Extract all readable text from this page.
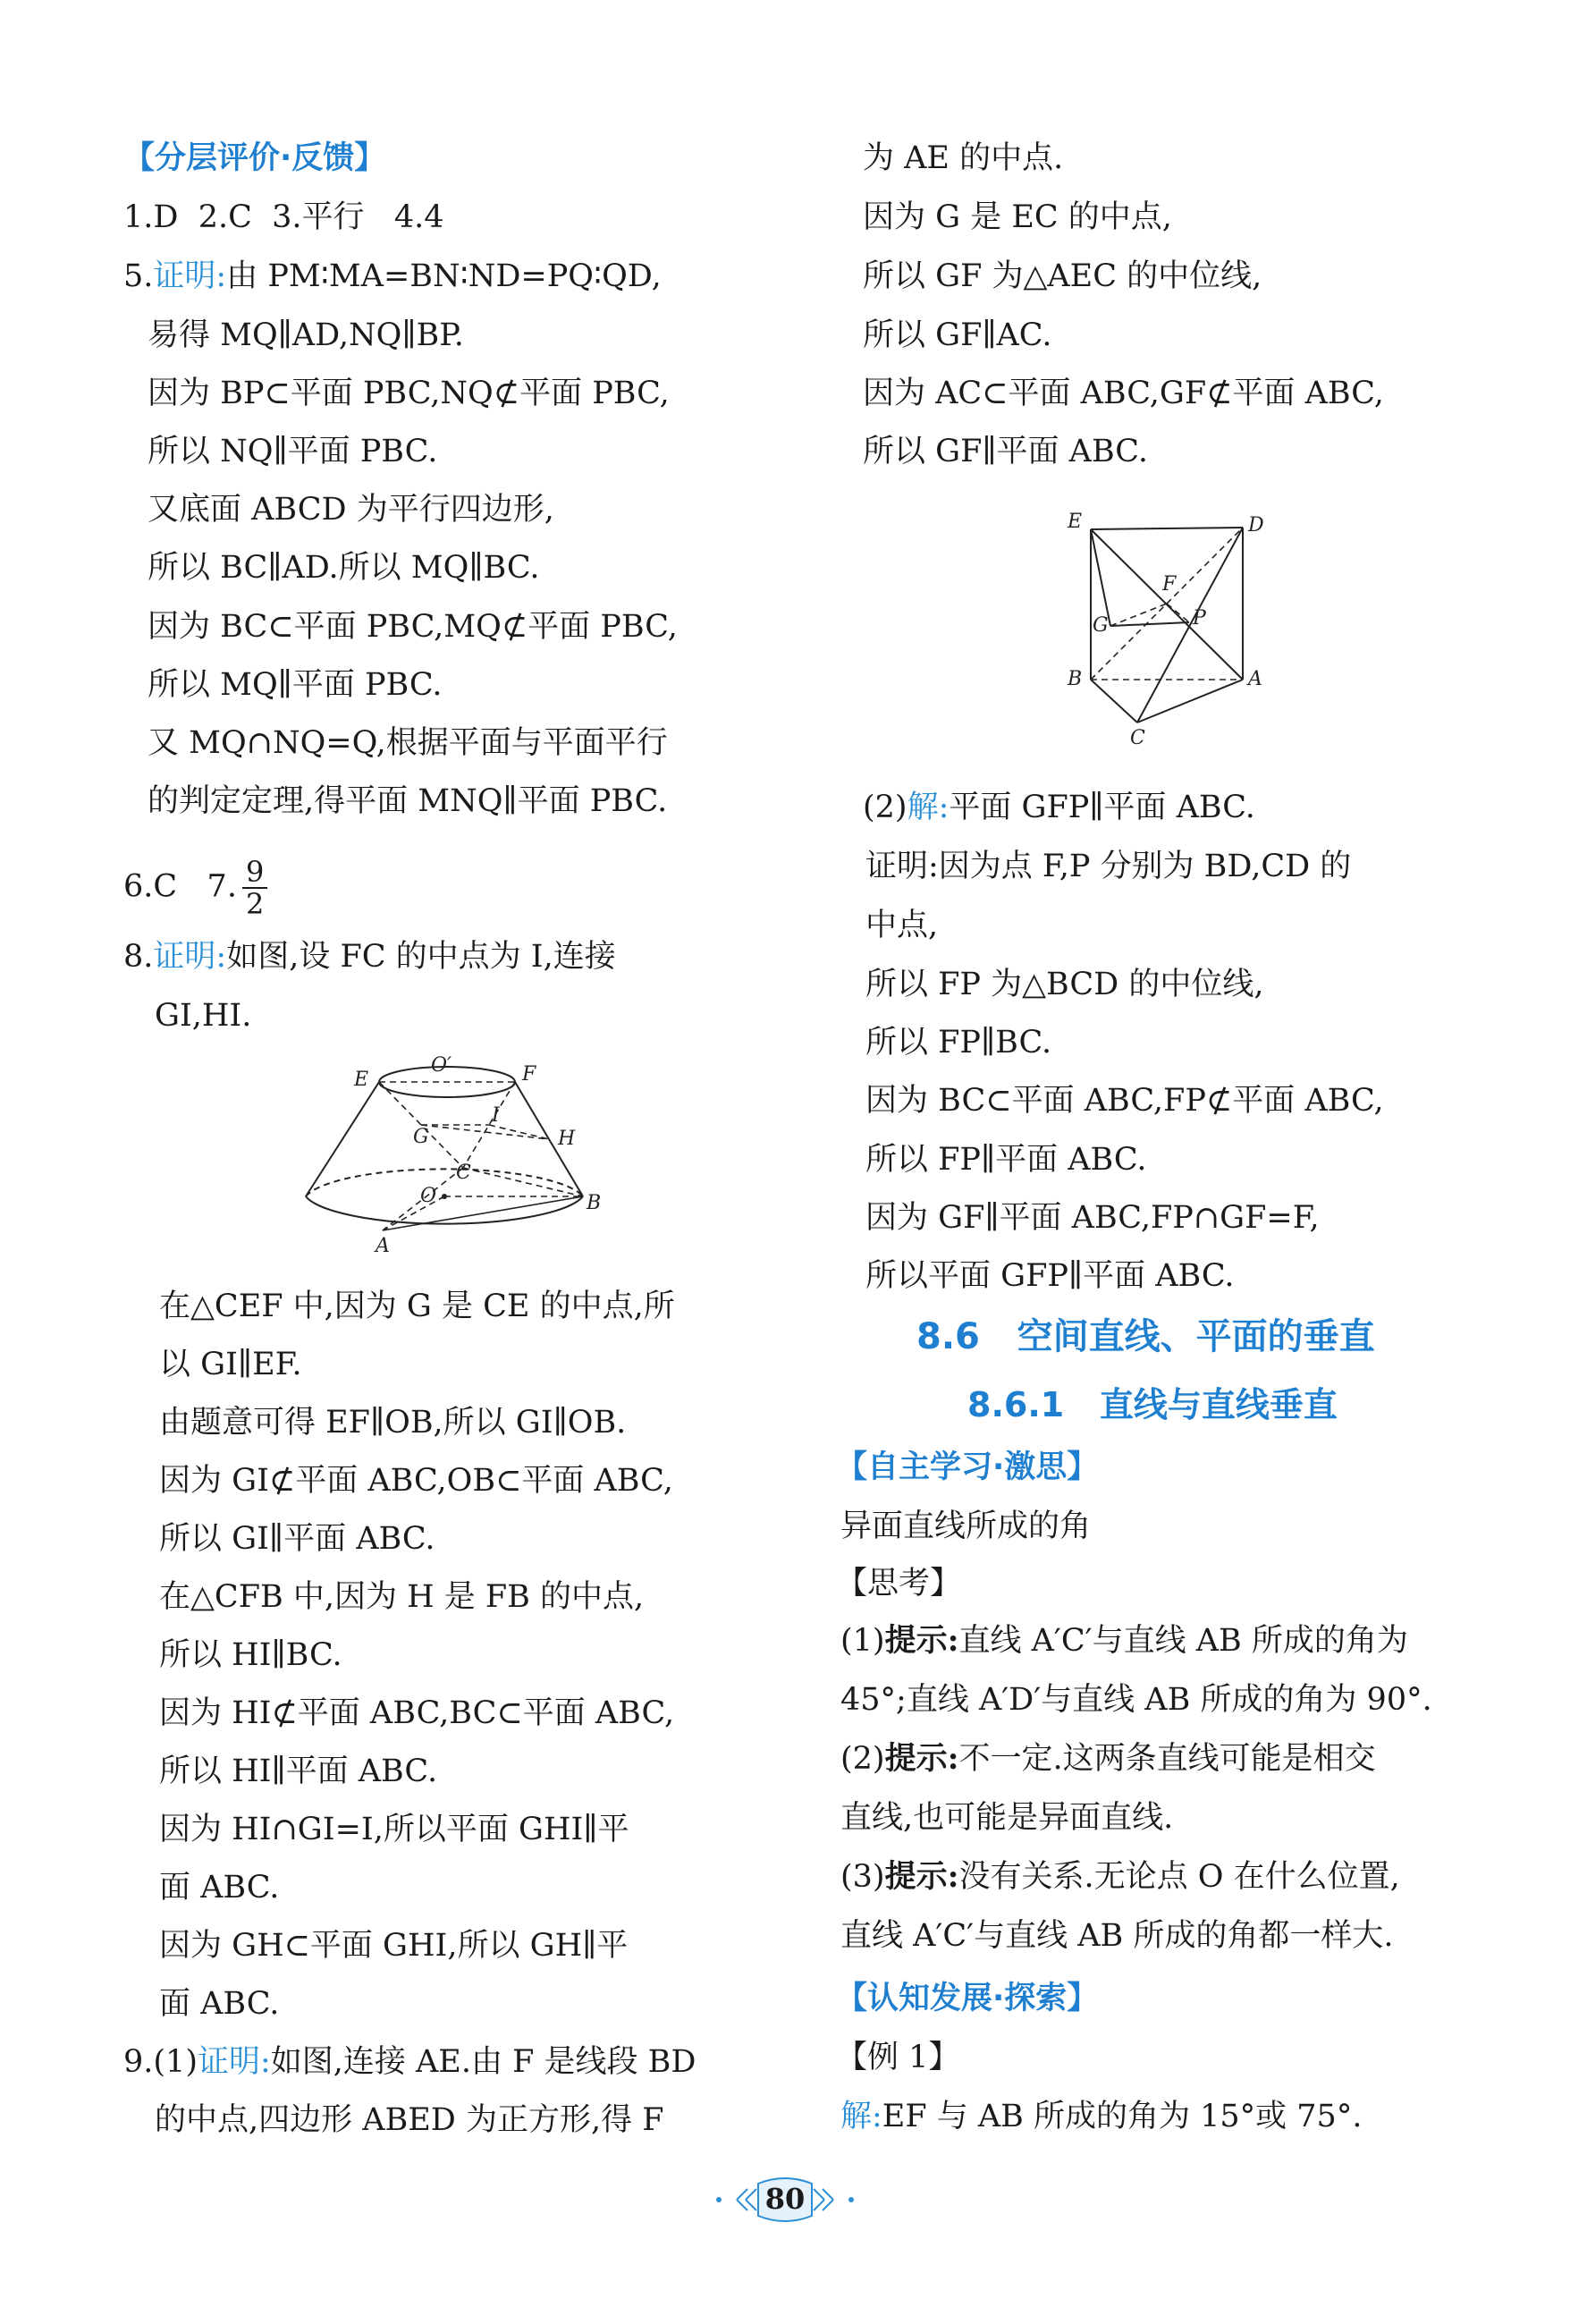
【分层评价·反馈】
1.D  2.C  3.平行   4.4
5.证明:由 PM∶MA=BN∶ND=PQ∶QD,
易得 MQ∥AD,NQ∥BP.
因为 BP⊂平面 PBC,NQ⊄平面 PBC,
所以 NQ∥平面 PBC.
又底面 ABCD 为平行四边形,
所以 BC∥AD.所以 MQ∥BC.
因为 BC⊂平面 PBC,MQ⊄平面 PBC,
所以 MQ∥平面 PBC.
又 MQ∩NQ=Q,根据平面与平面平行
的判定定理,得平面 MNQ∥平面 PBC.
6.C   7. $\frac{9}{2}$
8.证明:如图,设 FC 的中点为 I,连接
GI,HI.
E
O′	F
I
G	H
C
O	B
A
在△CEF 中,因为 G 是 CE 的中点,所
以 GI∥EF.
由题意可得 EF∥OB,所以 GI∥OB.
因为 GI⊄平面 ABC,OB⊂平面 ABC,
所以 GI∥平面 ABC.
在△CFB 中,因为 H 是 FB 的中点,
所以 HI∥BC.
因为 HI⊄平面 ABC,BC⊂平面 ABC,
所以 HI∥平面 ABC.
因为 HI∩GI=I,所以平面 GHI∥平
面 ABC.
因为 GH⊂平面 GHI,所以 GH∥平
面 ABC.
9.(1)证明:如图,连接 AE.由 F 是线段 BD
的中点,四边形 ABED 为正方形,得 F
为 AE 的中点.
因为 G 是 EC 的中点,
所以 GF 为△AEC 的中位线,
所以 GF∥AC.
因为 AC⊂平面 ABC,GF⊄平面 ABC,
所以 GF∥平面 ABC.
E	D
F
G	P
B	A
C
(2)解:平面 GFP∥平面 ABC.
证明:因为点 F,P 分别为 BD,CD 的
中点,
所以 FP 为△BCD 的中位线,
所以 FP∥BC.
因为 BC⊂平面 ABC,FP⊄平面 ABC,
所以 FP∥平面 ABC.
因为 GF∥平面 ABC,FP∩GF=F,
所以平面 GFP∥平面 ABC.
8.6 空间直线、平面的垂直
8.6.1 直线与直线垂直
【自主学习·激思】
异面直线所成的角
【思考】
(1)提示:直线 A′C′与直线 AB 所成的角为
45°;直线 A′D′与直线 AB 所成的角为 90°.
(2)提示:不一定.这两条直线可能是相交
直线,也可能是异面直线.
(3)提示:没有关系.无论点 O 在什么位置,
直线 A′C′与直线 AB 所成的角都一样大.
【认知发展·探索】
【例 1】
解:EF 与 AB 所成的角为 15°或 75°.
80
